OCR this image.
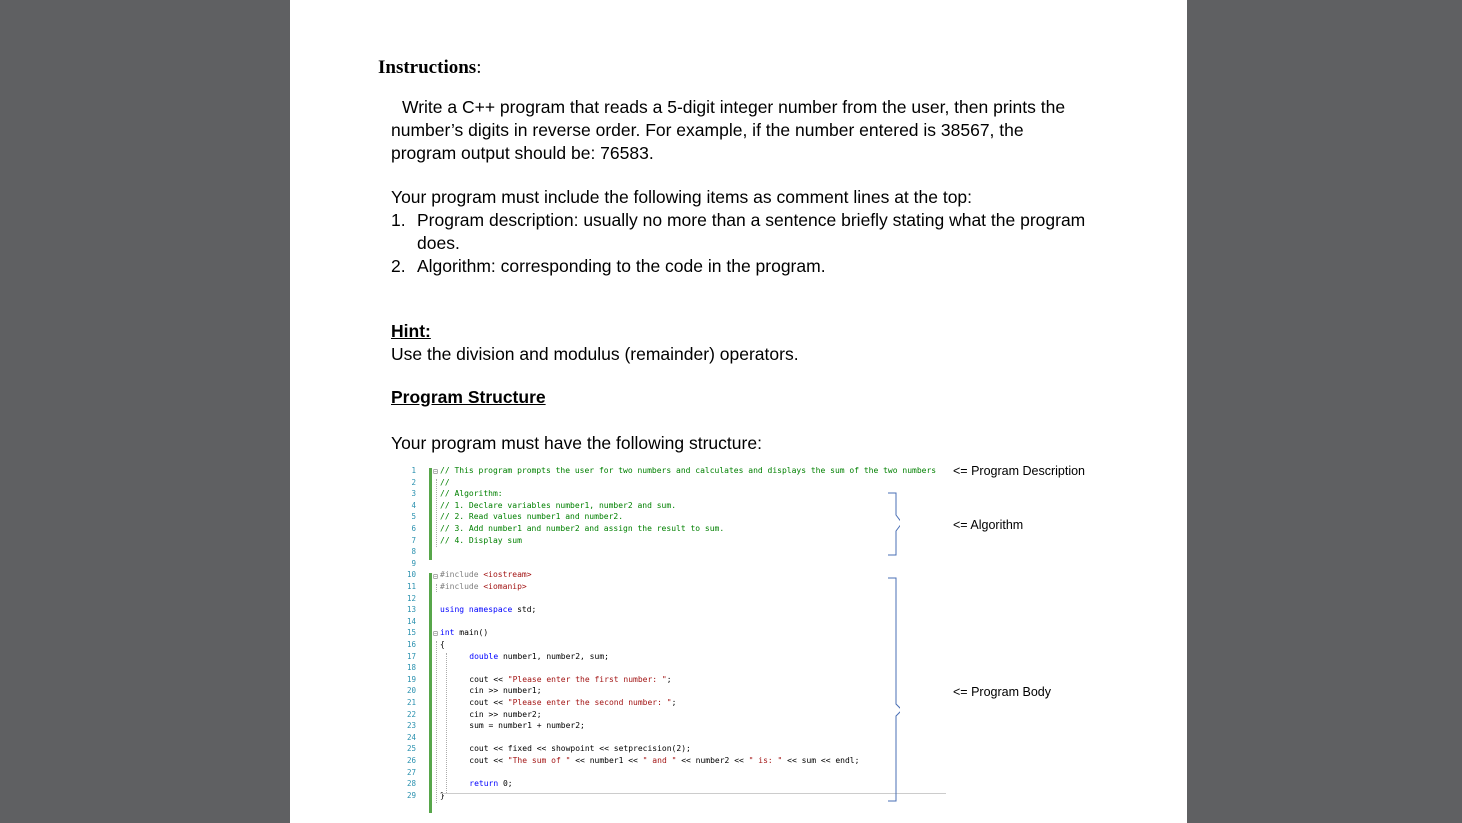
Instructions:

Write a C++ program that reads a 5-digit integer number from the user, then prints the number’s digits in reverse order. For example, if the number entered is 38567, the program output should be: 76583.

Your program must include the following items as comment lines at the top:

1. Program description: usually no more than a sentence briefly stating what the program does.
2. Algorithm: corresponding to the code in the program.

Hint:

Use the division and modulus (remainder) operators.

Program Structure

Your program must have the following structure:

⊟
⊟
⊟
1	// This program prompts the user for two numbers and calculates and displays the sum of the two numbers
2	//
3	// Algorithm:
4	// 1. Declare variables number1, number2 and sum.
5	// 2. Read values number1 and number2.
6	// 3. Add number1 and number2 and assign the result to sum.
7	// 4. Display sum
8
9
10	#include <iostream>
11	#include <iomanip>
12
13	using namespace std;
14
15	int main()
16	{
17	double number1, number2, sum;
18
19	cout << "Please enter the first number: ";
20	cin >> number1;
21	cout << "Please enter the second number: ";
22	cin >> number2;
23	sum = number1 + number2;
24
25	cout << fixed << showpoint << setprecision(2);
26	cout << "The sum of " << number1 << " and " << number2 << " is: " << sum << endl;
27
28	return 0;
29	}

<= Program Description

<= Algorithm

<= Program Body
